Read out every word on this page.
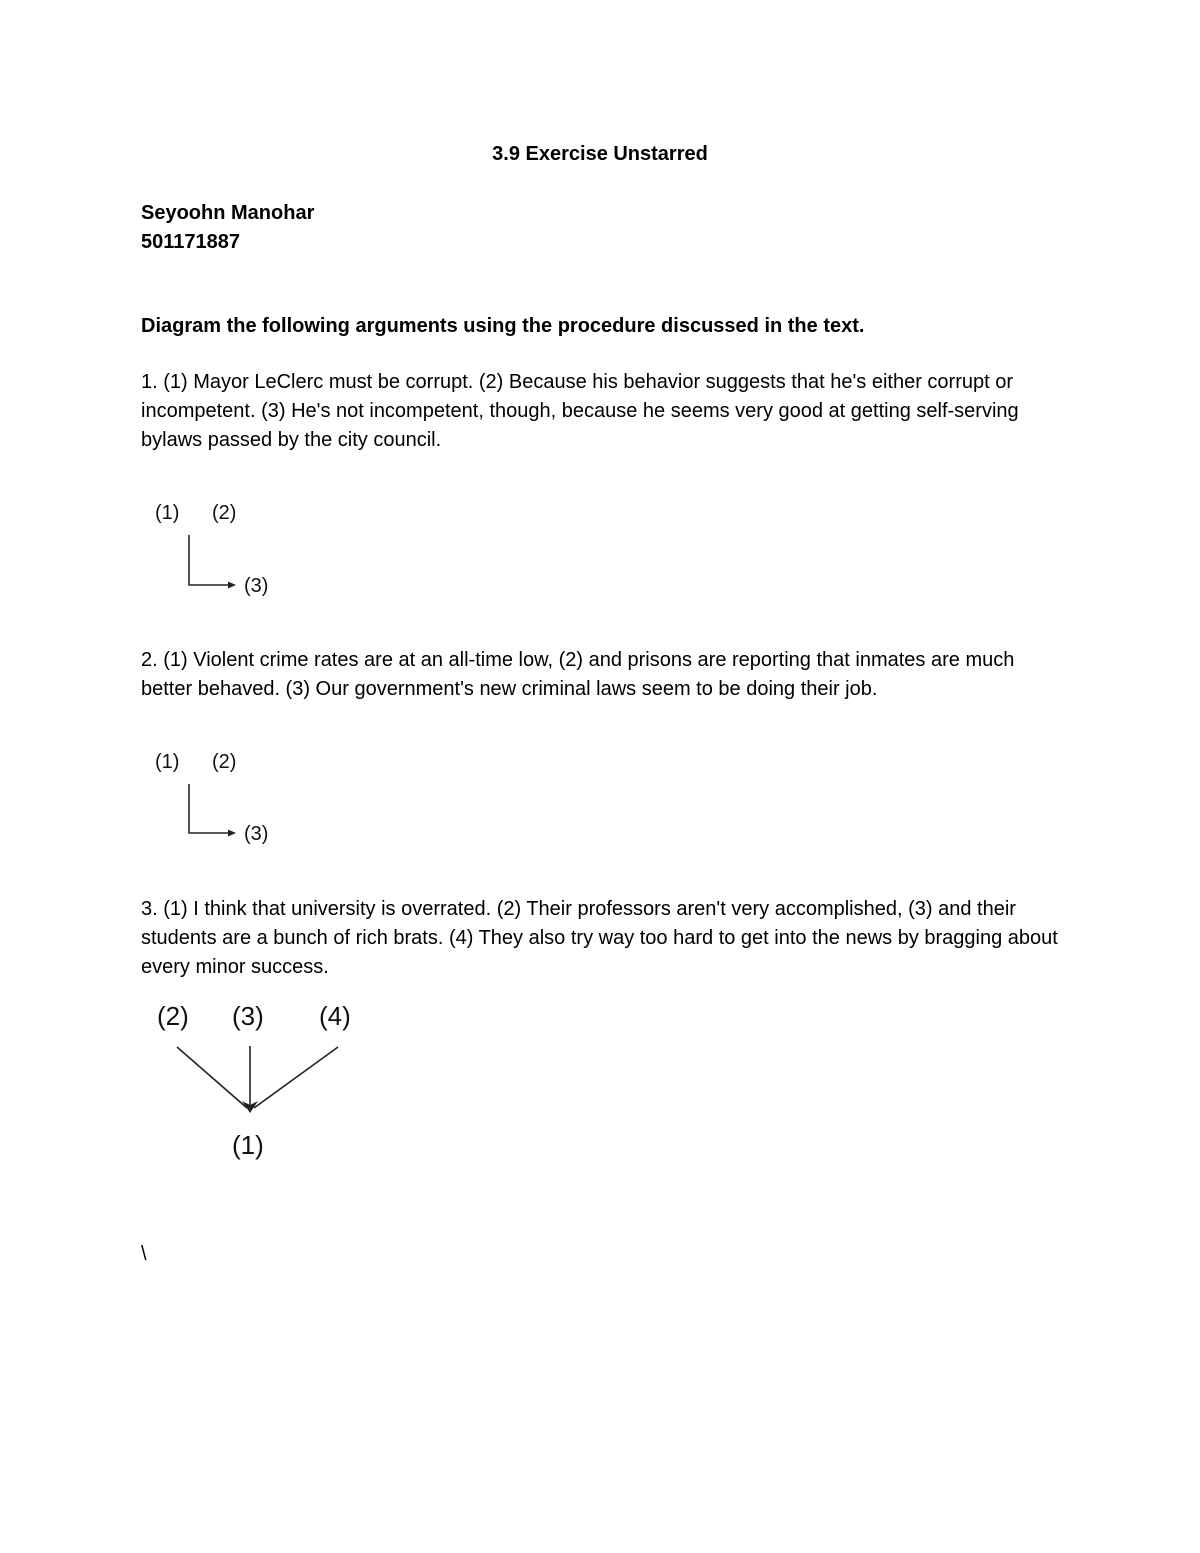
3.9 Exercise Unstarred
Seyoohn Manohar
501171887
Diagram the following arguments using the procedure discussed in the text.

1. (1) Mayor LeClerc must be corrupt. (2) Because his behavior suggests that he's either corrupt or incompetent. (3) He's not incompetent, though, because he seems very good at getting self-serving bylaws passed by the city council.

(1) (2)
(3)

2. (1) Violent crime rates are at an all-time low, (2) and prisons are reporting that inmates are much better behaved. (3) Our government's new criminal laws seem to be doing their job.

(1) (2)
(3)

3. (1) I think that university is overrated. (2) Their professors aren't very accomplished, (3) and their students are a bunch of rich brats. (4) They also try way too hard to get into the news by bragging about every minor success.

(2) (3) (4)
(1)
\
